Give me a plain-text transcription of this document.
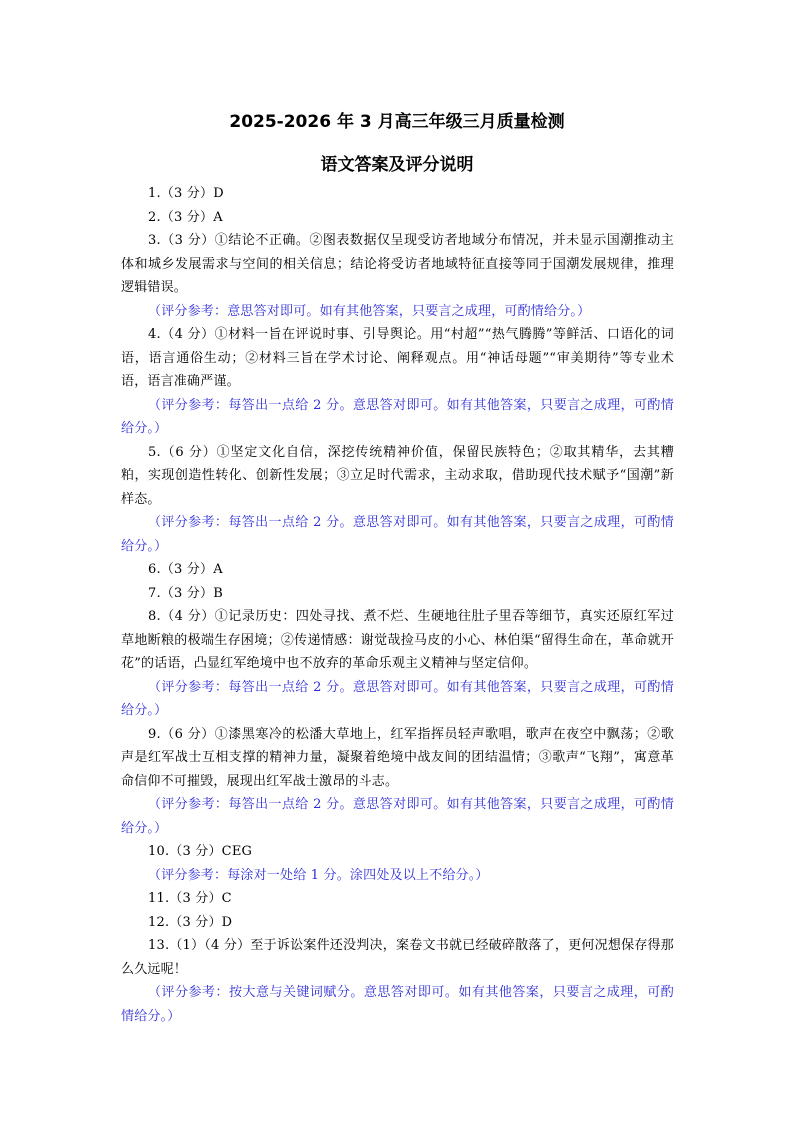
2025-2026 年 3 月高三年级三月质量检测
语文答案及评分说明

1.（3 分）D

2.（3 分）A

3.（3 分）①结论不正确。②图表数据仅呈现受访者地域分布情况，并未显示国潮推动主体和城乡发展需求与空间的相关信息；结论将受访者地域特征直接等同于国潮发展规律，推理逻辑错误。

（评分参考：意思答对即可。如有其他答案，只要言之成理，可酌情给分。）

4.（4 分）①材料一旨在评说时事、引导舆论。用“村超”“热气腾腾”等鲜活、口语化的词语，语言通俗生动；②材料三旨在学术讨论、阐释观点。用“神话母题”“审美期待”等专业术语，语言准确严谨。

（评分参考：每答出一点给 2 分。意思答对即可。如有其他答案，只要言之成理，可酌情给分。）

5.（6 分）①坚定文化自信，深挖传统精神价值，保留民族特色；②取其精华，去其糟粕，实现创造性转化、创新性发展；③立足时代需求，主动求取，借助现代技术赋予“国潮”新样态。

（评分参考：每答出一点给 2 分。意思答对即可。如有其他答案，只要言之成理，可酌情给分。）

6.（3 分）A

7.（3 分）B

8.（4 分）①记录历史：四处寻找、煮不烂、生硬地往肚子里吞等细节，真实还原红军过草地断粮的极端生存困境；②传递情感：谢觉哉捡马皮的小心、林伯渠“留得生命在，革命就开花”的话语，凸显红军绝境中也不放弃的革命乐观主义精神与坚定信仰。

（评分参考：每答出一点给 2 分。意思答对即可。如有其他答案，只要言之成理，可酌情给分。）

9.（6 分）①漆黑寒冷的松潘大草地上，红军指挥员轻声歌唱，歌声在夜空中飘荡；②歌声是红军战士互相支撑的精神力量，凝聚着绝境中战友间的团结温情；③歌声“飞翔”，寓意革命信仰不可摧毁，展现出红军战士激昂的斗志。

（评分参考：每答出一点给 2 分。意思答对即可。如有其他答案，只要言之成理，可酌情给分。）

10.（3 分）CEG

（评分参考：每涂对一处给 1 分。涂四处及以上不给分。）

11.（3 分）C

12.（3 分）D

13.（1）（4 分）至于诉讼案件还没判决，案卷文书就已经破碎散落了，更何况想保存得那么久远呢！

（评分参考：按大意与关键词赋分。意思答对即可。如有其他答案，只要言之成理，可酌情给分。）
